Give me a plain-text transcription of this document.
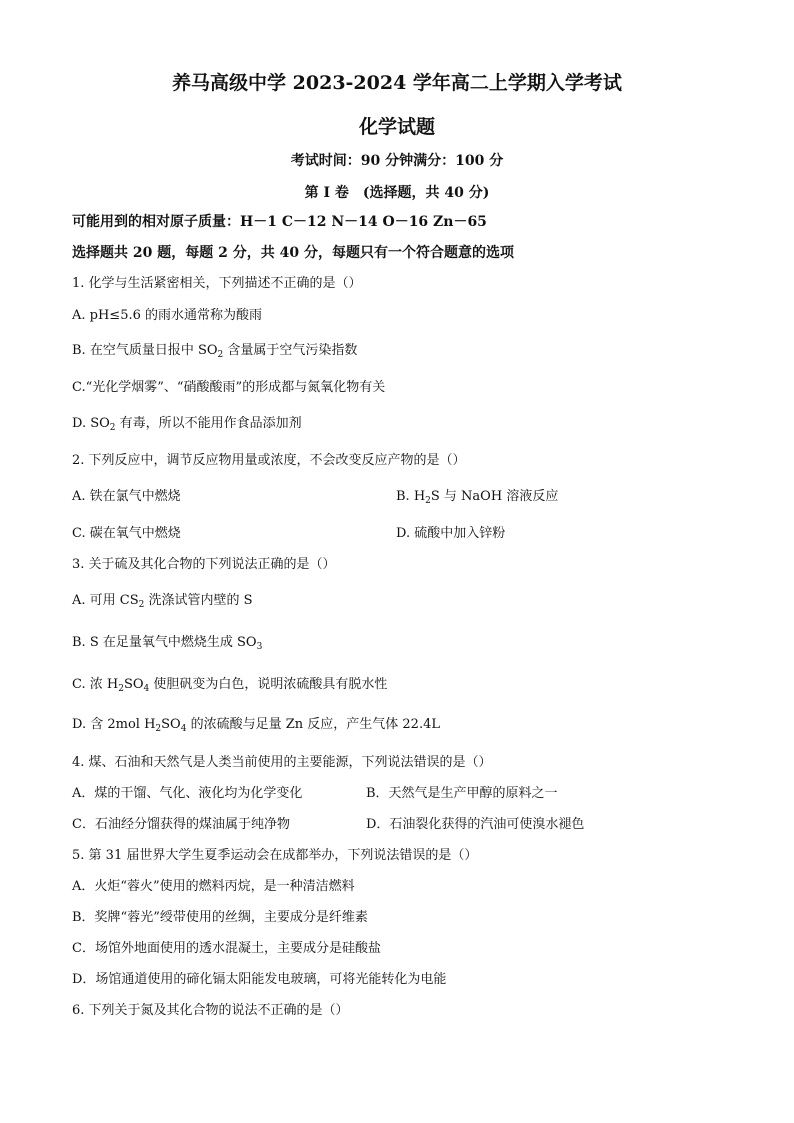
养马高级中学 2023-2024 学年高二上学期入学考试
化学试题
考试时间：90 分钟满分：100 分
第 I 卷　(选择题，共 40 分)
可能用到的相对原子质量：H－1 C－12 N－14 O－16 Zn－65
选择题共 20 题，每题 2 分，共 40 分，每题只有一个符合题意的选项
1. 化学与生活紧密相关，下列描述不正确的是（）
A. pH≤5.6 的雨水通常称为酸雨
B. 在空气质量日报中 $SO_2$ 含量属于空气污染指数
C.“光化学烟雾”、“硝酸酸雨”的形成都与氮氧化物有关
D. $SO_2$ 有毒，所以不能用作食品添加剂
2. 下列反应中，调节反应物用量或浓度，不会改变反应产物的是（）
A. 铁在氯气中燃烧	B. $H_2S$ 与 NaOH 溶液反应
C. 碳在氧气中燃烧	D. 硫酸中加入锌粉
3. 关于硫及其化合物的下列说法正确的是（）
A. 可用 $CS_2$ 洗涤试管内壁的 S
B. S 在足量氧气中燃烧生成 $SO_3$
C. 浓 $H_2SO_4$ 使胆矾变为白色，说明浓硫酸具有脱水性
D. 含 2mol $H_2SO_4$ 的浓硫酸与足量 Zn 反应，产生气体 22.4L
4. 煤、石油和天然气是人类当前使用的主要能源，下列说法错误的是（）
A．煤的干馏、气化、液化均为化学变化	B．天然气是生产甲醇的原料之一
C．石油经分馏获得的煤油属于纯净物	D．石油裂化获得的汽油可使溴水褪色
5. 第 31 届世界大学生夏季运动会在成都举办，下列说法错误的是（）
A．火炬“蓉火”使用的燃料丙烷，是一种清洁燃料
B．奖牌“蓉光”绶带使用的丝绸，主要成分是纤维素
C．场馆外地面使用的透水混凝土，主要成分是硅酸盐
D．场馆通道使用的碲化镉太阳能发电玻璃，可将光能转化为电能
6. 下列关于氮及其化合物的说法不正确的是（）
